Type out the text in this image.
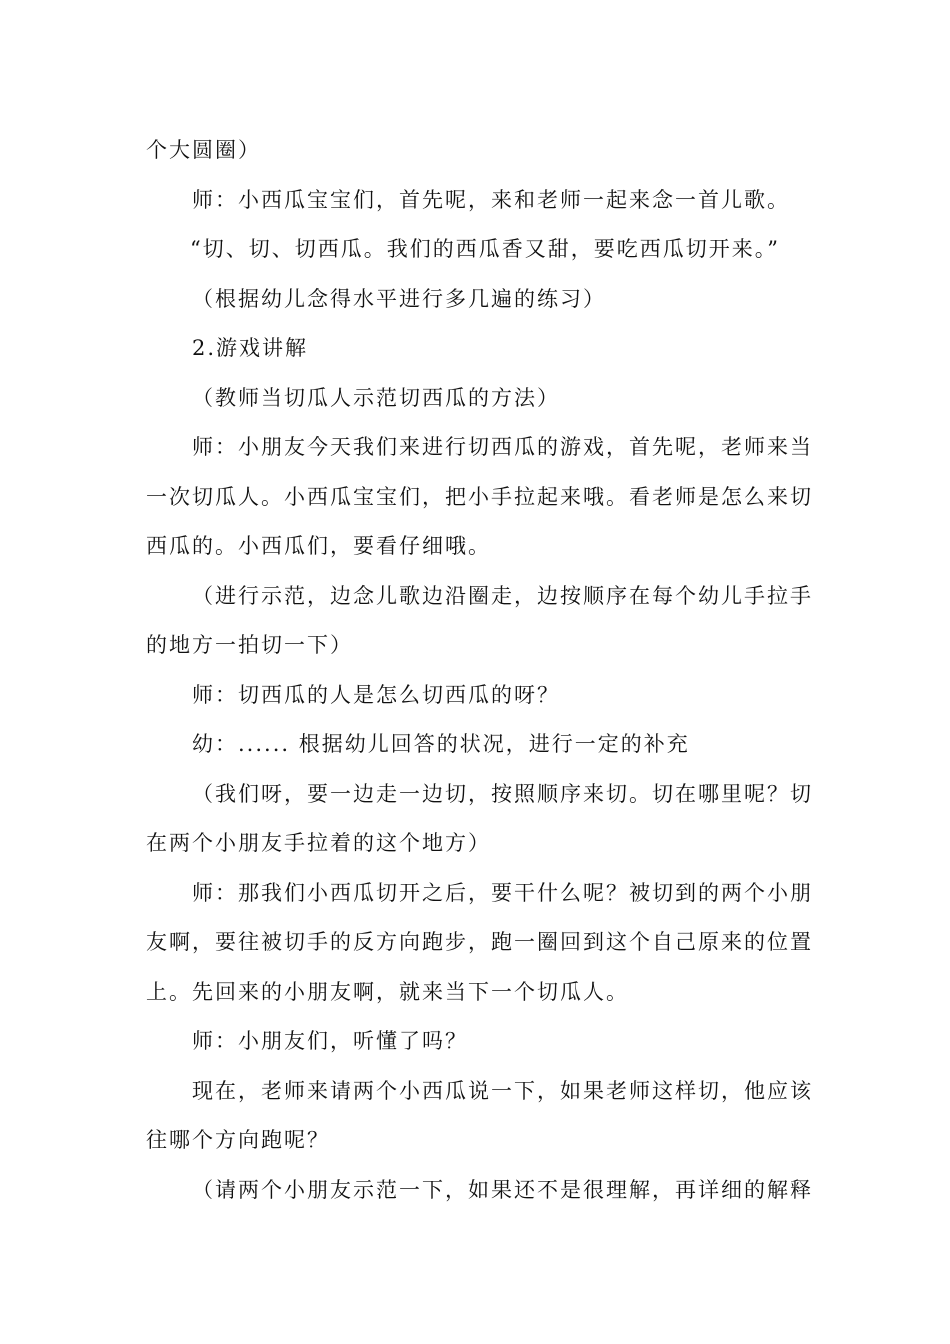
个大圆圈）
师：小西瓜宝宝们，首先呢，来和老师一起来念一首儿歌。
“切、切、切西瓜。我们的西瓜香又甜，要吃西瓜切开来。”
（根据幼儿念得水平进行多几遍的练习）
2.游戏讲解
（教师当切瓜人示范切西瓜的方法）
师：小朋友今天我们来进行切西瓜的游戏，首先呢，老师来当
一次切瓜人。小西瓜宝宝们，把小手拉起来哦。看老师是怎么来切
西瓜的。小西瓜们，要看仔细哦。
（进行示范，边念儿歌边沿圈走，边按顺序在每个幼儿手拉手
的地方一拍切一下）
师：切西瓜的人是怎么切西瓜的呀？
幼：...... 根据幼儿回答的状况，进行一定的补充
（我们呀，要一边走一边切，按照顺序来切。切在哪里呢？切
在两个小朋友手拉着的这个地方）
师：那我们小西瓜切开之后，要干什么呢？被切到的两个小朋
友啊，要往被切手的反方向跑步，跑一圈回到这个自己原来的位置
上。先回来的小朋友啊，就来当下一个切瓜人。
师：小朋友们，听懂了吗？
现在，老师来请两个小西瓜说一下，如果老师这样切，他应该
往哪个方向跑呢？
（请两个小朋友示范一下，如果还不是很理解，再详细的解释
